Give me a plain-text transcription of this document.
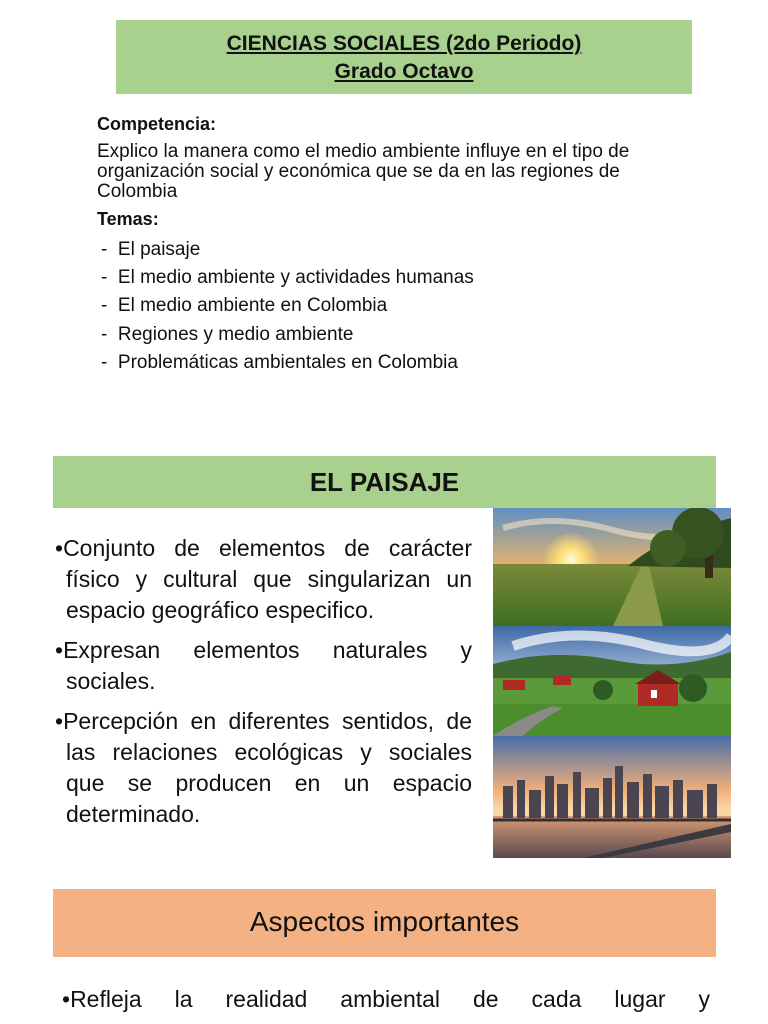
CIENCIAS SOCIALES (2do Periodo)
Grado Octavo
Competencia:
Explico la manera como el medio ambiente influye en el tipo de organización social y económica que se da en las regiones de Colombia
Temas:
- El paisaje
- El medio ambiente y actividades humanas
- El medio ambiente en Colombia
- Regiones y medio ambiente
- Problemáticas ambientales en Colombia
EL PAISAJE

• Conjunto de elementos de carácter físico y cultural que singularizan un espacio geográfico especifico.

• Expresan elementos naturales y sociales.

• Percepción en diferentes sentidos, de las relaciones ecológicas y sociales que se producen en un espacio determinado.

Aspectos importantes
• Refleja la realidad ambiental de cada lugar y
